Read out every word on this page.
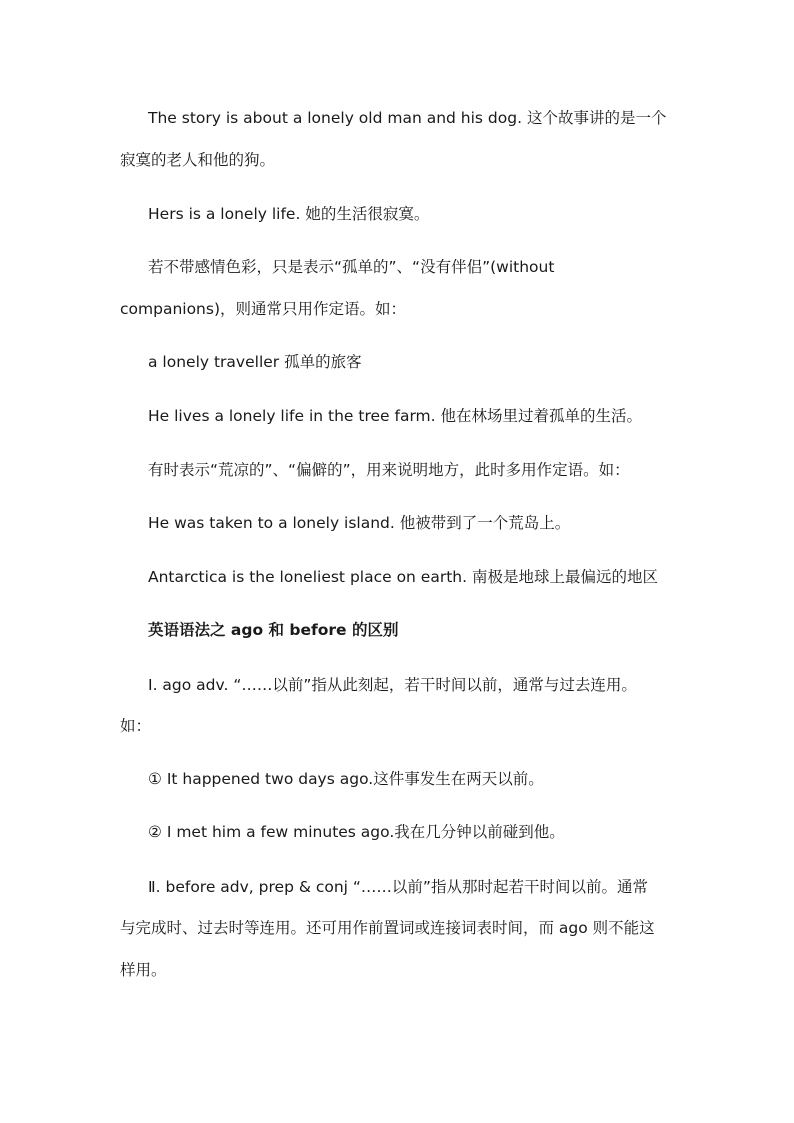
The story is about a lonely old man and his dog. 这个故事讲的是一个
寂寞的老人和他的狗。
Hers is a lonely life. 她的生活很寂寞。
若不带感情色彩，只是表示“孤单的”、“没有伴侣”(without
companions)，则通常只用作定语。如：
a lonely traveller 孤单的旅客
He lives a lonely life in the tree farm. 他在林场里过着孤单的生活。
有时表示“荒凉的”、“偏僻的”，用来说明地方，此时多用作定语。如：
He was taken to a lonely island. 他被带到了一个荒岛上。
Antarctica is the loneliest place on earth. 南极是地球上最偏远的地区
英语语法之 ago 和 before 的区别
Ⅰ. ago adv. “……以前”指从此刻起，若干时间以前，通常与过去连用。
如：
① It happened two days ago.这件事发生在两天以前。
② I met him a few minutes ago.我在几分钟以前碰到他。
Ⅱ. before adv, prep & conj “……以前”指从那时起若干时间以前。通常
与完成时、过去时等连用。还可用作前置词或连接词表时间，而 ago 则不能这
样用。
